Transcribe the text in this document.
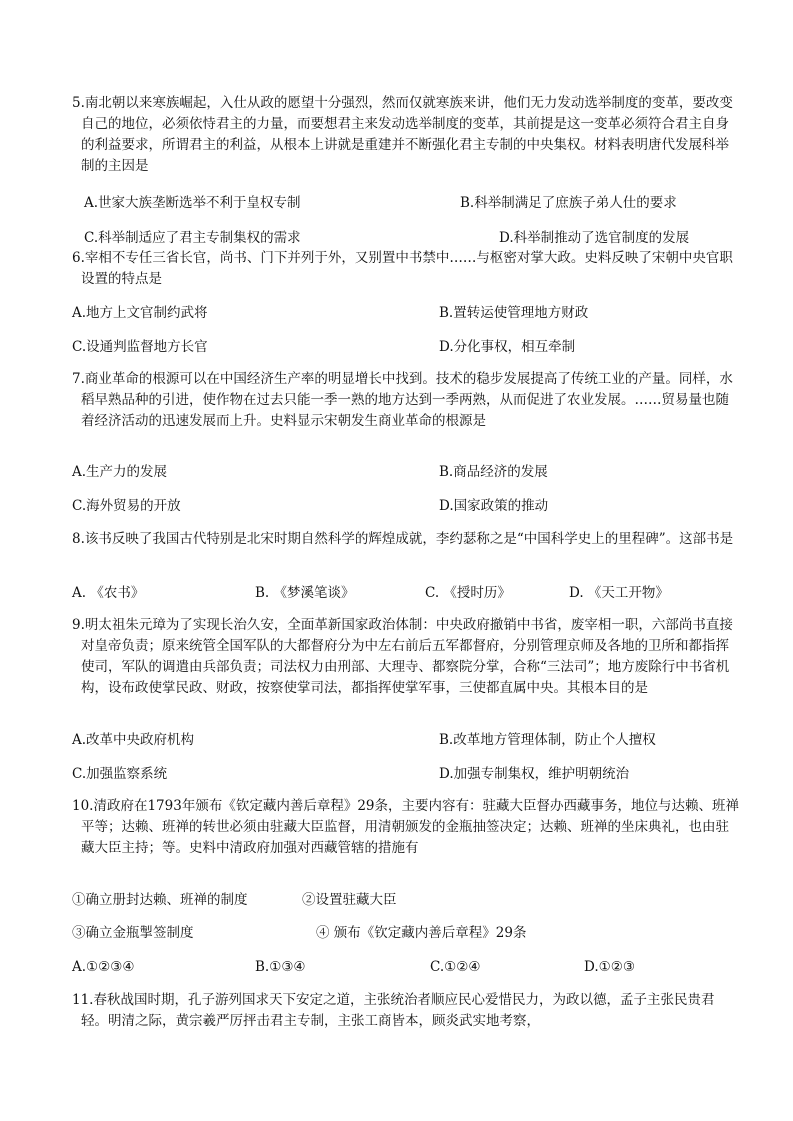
5.南北朝以来寒族崛起，入仕从政的愿望十分强烈，然而仅就寒族来讲，他们无力发动选举制度的变革，要改变自己的地位，必须依恃君主的力量，而要想君主来发动选举制度的变革，其前提是这一变革必须符合君主自身的利益要求，所谓君主的利益，从根本上讲就是重建并不断强化君主专制的中央集权。材料表明唐代发展科举制的主因是

A.世家大族垄断选举不利于皇权专制	B.科举制满足了庶族子弟人仕的要求
C.科举制适应了君主专制集权的需求	D.科举制推动了选官制度的发展

6.宰相不专任三省长官，尚书、门下并列于外，又别置中书禁中……与枢密对掌大政。史料反映了宋朝中央官职设置的特点是

A.地方上文官制约武将	B.置转运使管理地方财政
C.设通判监督地方长官	D.分化事权，相互牵制

7.商业革命的根源可以在中国经济生产率的明显增长中找到。技术的稳步发展提高了传统工业的产量。同样，水稻早熟品种的引进，使作物在过去只能一季一熟的地方达到一季两熟，从而促进了农业发展。……贸易量也随着经济活动的迅速发展而上升。史料显示宋朝发生商业革命的根源是

A.生产力的发展	B.商品经济的发展
C.海外贸易的开放	D.国家政策的推动

8.该书反映了我国古代特别是北宋时期自然科学的辉煌成就，李约瑟称之是“中国科学史上的里程碑”。这部书是

A. 《农书》	B. 《梦溪笔谈》	C. 《授时历》	D. 《天工开物》

9.明太祖朱元璋为了实现长治久安，全面革新国家政治体制：中央政府撤销中书省，废宰相一职，六部尚书直接对皇帝负责；原来统管全国军队的大都督府分为中左右前后五军都督府，分别管理京师及各地的卫所和都指挥使司，军队的调遣由兵部负责；司法权力由刑部、大理寺、都察院分掌，合称“三法司”；地方废除行中书省机构，设布政使掌民政、财政，按察使掌司法，都指挥使掌军事，三使都直属中央。其根本目的是

A.改革中央政府机构	B.改革地方管理体制，防止个人擅权
C.加强监察系统	D.加强专制集权，维护明朝统治

10.清政府在1793年颁布《钦定藏内善后章程》29条，主要内容有：驻藏大臣督办西藏事务，地位与达赖、班禅平等；达赖、班禅的转世必须由驻藏大臣监督，用清朝颁发的金瓶抽签决定；达赖、班禅的坐床典礼，也由驻藏大臣主持；等。史料中清政府加强对西藏管辖的措施有

①确立册封达赖、班禅的制度	②设置驻藏大臣
③确立金瓶掣签制度	④ 颁布《钦定藏内善后章程》29条
A.①②③④	B.①③④	C.①②④	D.①②③

11.春秋战国时期，孔子游列国求天下安定之道，主张统治者顺应民心爱惜民力，为政以德，孟子主张民贵君轻。明清之际，黄宗羲严厉抨击君主专制，主张工商皆本，顾炎武实地考察，
